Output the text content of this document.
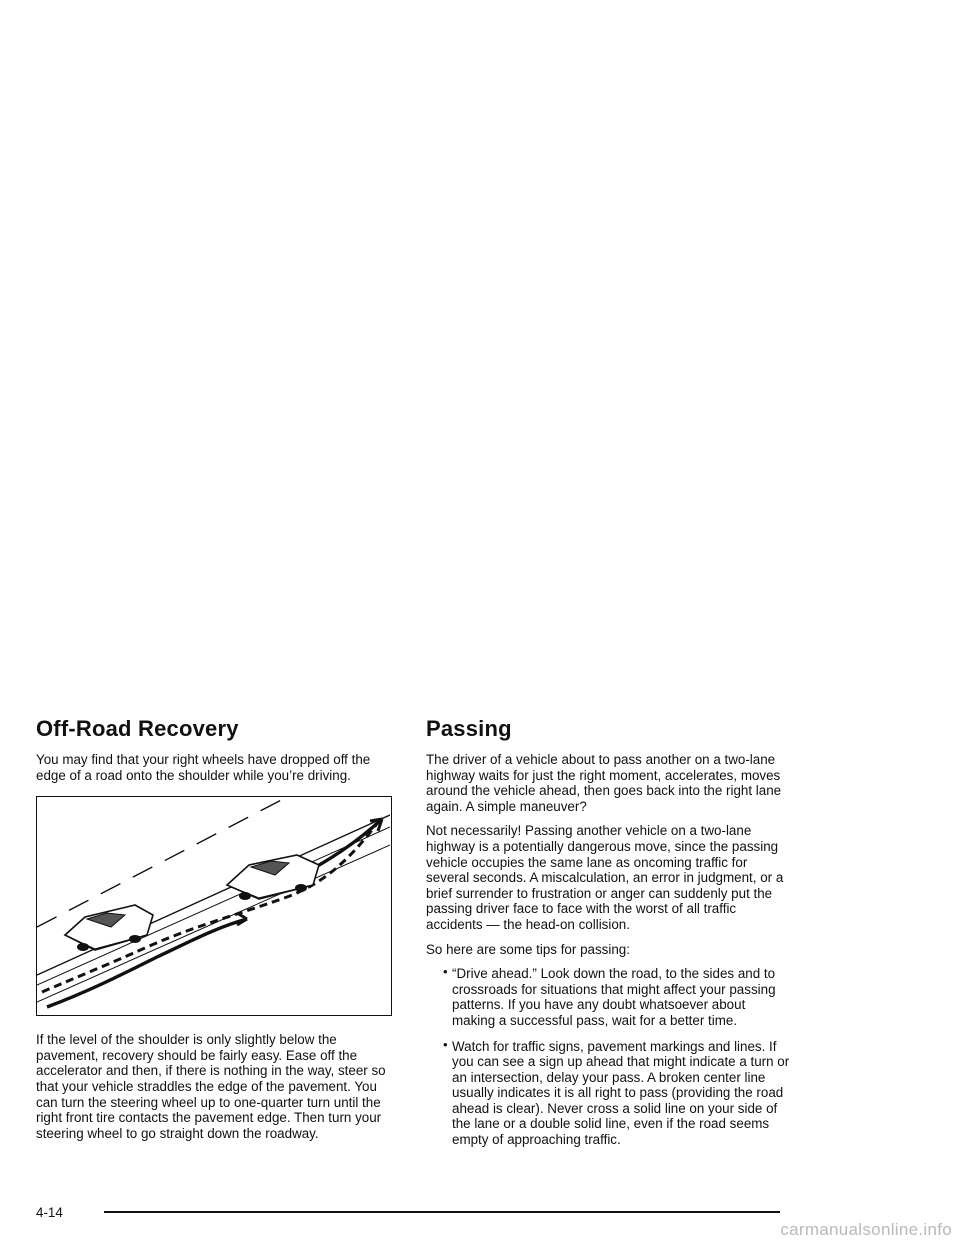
Off-Road Recovery

You may find that your right wheels have dropped off the edge of a road onto the shoulder while you’re driving.

If the level of the shoulder is only slightly below the pavement, recovery should be fairly easy. Ease off the accelerator and then, if there is nothing in the way, steer so that your vehicle straddles the edge of the pavement. You can turn the steering wheel up to one-quarter turn until the right front tire contacts the pavement edge. Then turn your steering wheel to go straight down the roadway.

Passing

The driver of a vehicle about to pass another on a two-lane highway waits for just the right moment, accelerates, moves around the vehicle ahead, then goes back into the right lane again. A simple maneuver?

Not necessarily! Passing another vehicle on a two-lane highway is a potentially dangerous move, since the passing vehicle occupies the same lane as oncoming traffic for several seconds. A miscalculation, an error in judgment, or a brief surrender to frustration or anger can suddenly put the passing driver face to face with the worst of all traffic accidents — the head-on collision.

So here are some tips for passing:

• “Drive ahead.” Look down the road, to the sides and to crossroads for situations that might affect your passing patterns. If you have any doubt whatsoever about making a successful pass, wait for a better time.
• Watch for traffic signs, pavement markings and lines. If you can see a sign up ahead that might indicate a turn or an intersection, delay your pass. A broken center line usually indicates it is all right to pass (providing the road ahead is clear). Never cross a solid line on your side of the lane or a double solid line, even if the road seems empty of approaching traffic.
4-14
carmanualsonline.info
